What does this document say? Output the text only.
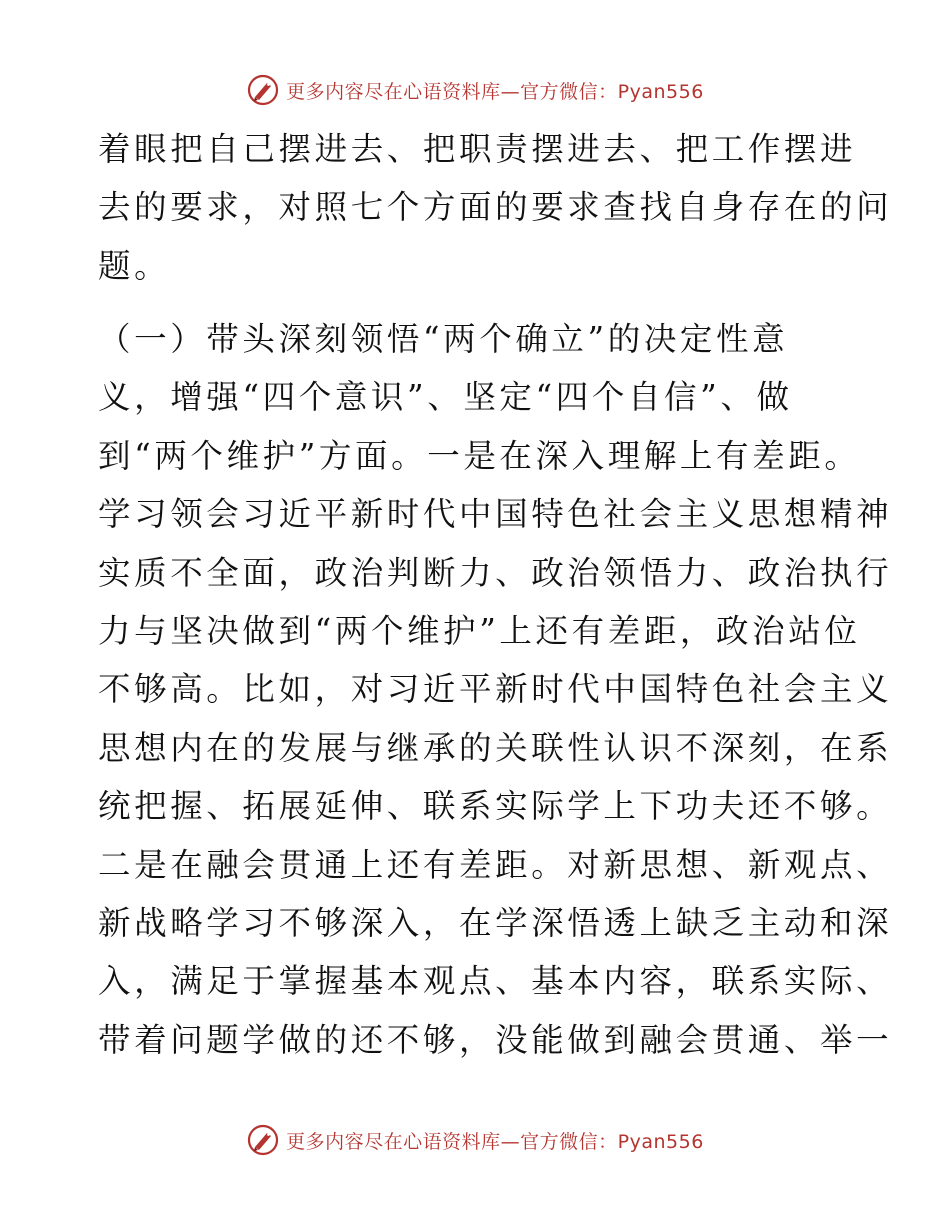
更多内容尽在心语资料库—官方微信：Pyan556
着眼把自己摆进去、把职责摆进去、把工作摆进
去的要求，对照七个方面的要求查找自身存在的问
题。
（一）带头深刻领悟“两个确立”的决定性意
义，增强“四个意识”、坚定“四个自信”、做
到“两个维护”方面。一是在深入理解上有差距。
学习领会习近平新时代中国特色社会主义思想精神
实质不全面，政治判断力、政治领悟力、政治执行
力与坚决做到“两个维护”上还有差距，政治站位
不够高。比如，对习近平新时代中国特色社会主义
思想内在的发展与继承的关联性认识不深刻，在系
统把握、拓展延伸、联系实际学上下功夫还不够。
二是在融会贯通上还有差距。对新思想、新观点、
新战略学习不够深入，在学深悟透上缺乏主动和深
入，满足于掌握基本观点、基本内容，联系实际、
带着问题学做的还不够，没能做到融会贯通、举一
更多内容尽在心语资料库—官方微信：Pyan556
